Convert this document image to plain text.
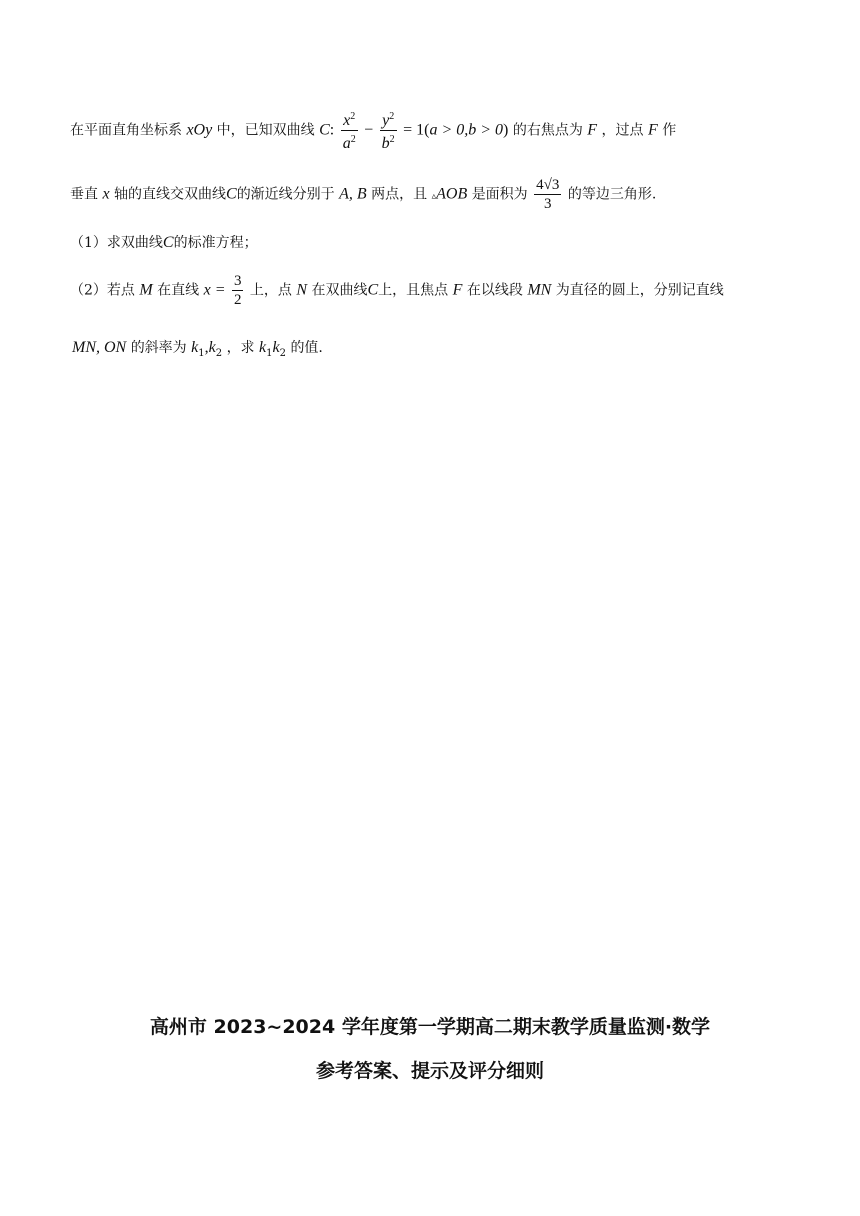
在平面直角坐标系 xOy 中，已知双曲线 C: $\frac{x^2}{a^2} - \frac{y^2}{b^2} = 1(a > 0,b > 0)$ 的右焦点为 F ，过点 F 作
垂直 x 轴的直线交双曲线C的渐近线分别于 A, B 两点，且 ▵AOB 是面积为 $\frac{4√3}{3}$ 的等边三角形.
（1）求双曲线C的标准方程；
（2）若点 M 在直线 $x = \frac{3}{2}$ 上，点 N 在双曲线C上，且焦点 F 在以线段 MN 为直径的圆上，分别记直线
MN, ON 的斜率为 $k_1,k_2$ ，求 $k_1k_2$ 的值.
高州市 2023~2024 学年度第一学期高二期末教学质量监测·数学
参考答案、提示及评分细则
